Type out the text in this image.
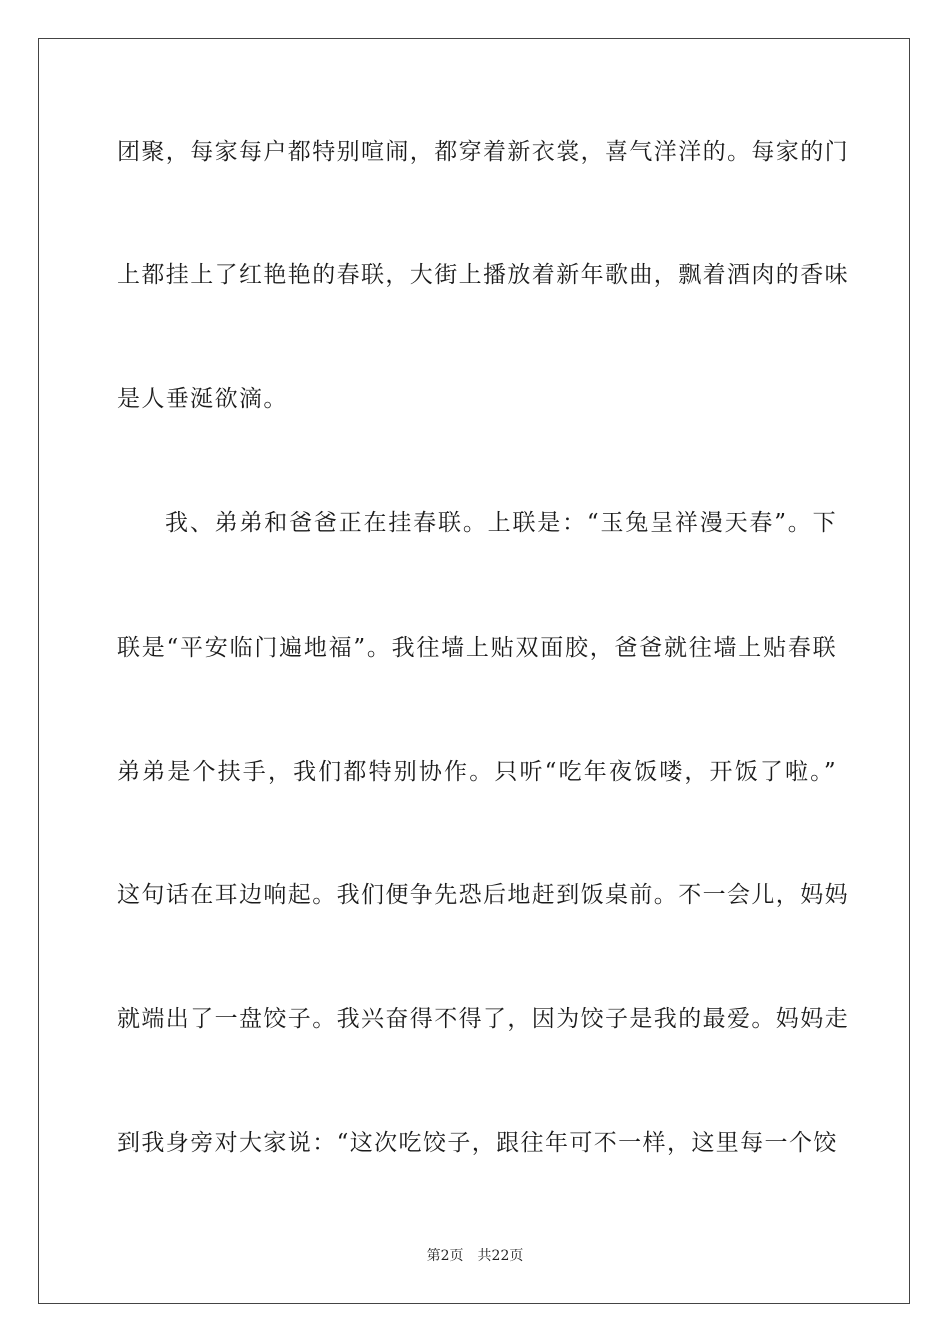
团聚，每家每户都特别喧闹，都穿着新衣裳，喜气洋洋的。每家的门
上都挂上了红艳艳的春联，大街上播放着新年歌曲，飘着酒肉的香味
是人垂涎欲滴。
我、弟弟和爸爸正在挂春联。上联是：“玉兔呈祥漫天春”。下
联是“平安临门遍地福”。我往墙上贴双面胶，爸爸就往墙上贴春联
弟弟是个扶手，我们都特别协作。只听“吃年夜饭喽，开饭了啦。”
这句话在耳边响起。我们便争先恐后地赶到饭桌前。不一会儿，妈妈
就端出了一盘饺子。我兴奋得不得了，因为饺子是我的最爱。妈妈走
到我身旁对大家说：“这次吃饺子，跟往年可不一样，这里每一个饺
第2页 共22页
